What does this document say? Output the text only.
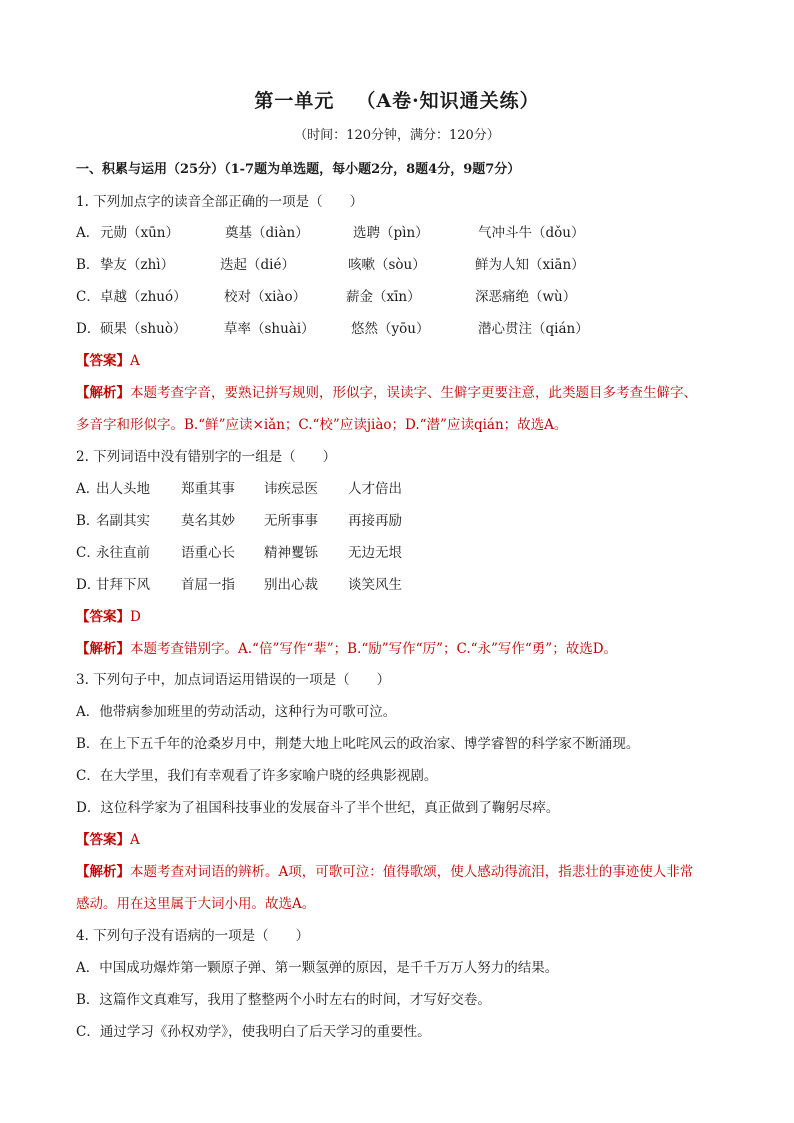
第一单元 （A卷·知识通关练）
（时间：120分钟，满分：120分）
一、积累与运用（25分）（1-7题为单选题，每小题2分，8题4分，9题7分）
1. 下列加点字的读音全部正确的一项是（　　）
A． 元勋（xūn）	奠基（diàn）	选聘（pìn）	气冲斗牛（dǒu）
B． 挚友（zhì）	迭起（dié）	咳嗽（sòu）	鲜为人知（xiān）
C． 卓越（zhuó）	校对（xiào）	薪金（xīn）	深恶痛绝（wù）
D． 硕果（shuò）	草率（shuài）	悠然（yōu）	潜心贯注（qián）
【答案】A
【解析】本题考查字音，要熟记拼写规则，形似字，误读字、生僻字更要注意，此类题目多考查生僻字、
多音字和形似字。B.“鲜”应读×iǎn；C.“校”应读jiào；D.“潜”应读qián；故选A。
2. 下列词语中没有错别字的一组是（　　）
A．
出人头地 郑重其事 讳疾忌医 人才倍出
B．
名副其实 莫名其妙 无所事事 再接再励
C．
永往直前 语重心长 精神矍铄 无边无垠
D．
甘拜下风 首屈一指 别出心裁 谈笑风生
【答案】D
【解析】本题考查错别字。A.“倍”写作“辈”；B.“励”写作“厉”；C.“永”写作“勇”；故选D。
3. 下列句子中，加点词语运用错误的一项是（　　）
A．他带病参加班里的劳动活动，这种行为可歌可泣。
B．在上下五千年的沧桑岁月中，荆楚大地上叱咤风云的政治家、博学睿智的科学家不断涌现。
C．在大学里，我们有幸观看了许多家喻户晓的经典影视剧。
D．这位科学家为了祖国科技事业的发展奋斗了半个世纪，真正做到了鞠躬尽瘁。
【答案】A
【解析】本题考查对词语的辨析。A项，可歌可泣：值得歌颂，使人感动得流泪，指悲壮的事迹使人非常
感动。用在这里属于大词小用。故选A。
4. 下列句子没有语病的一项是（　　）
A．中国成功爆炸第一颗原子弹、第一颗氢弹的原因，是千千万万人努力的结果。
B．这篇作文真难写，我用了整整两个小时左右的时间，才写好交卷。
C．通过学习《孙权劝学》，使我明白了后天学习的重要性。
